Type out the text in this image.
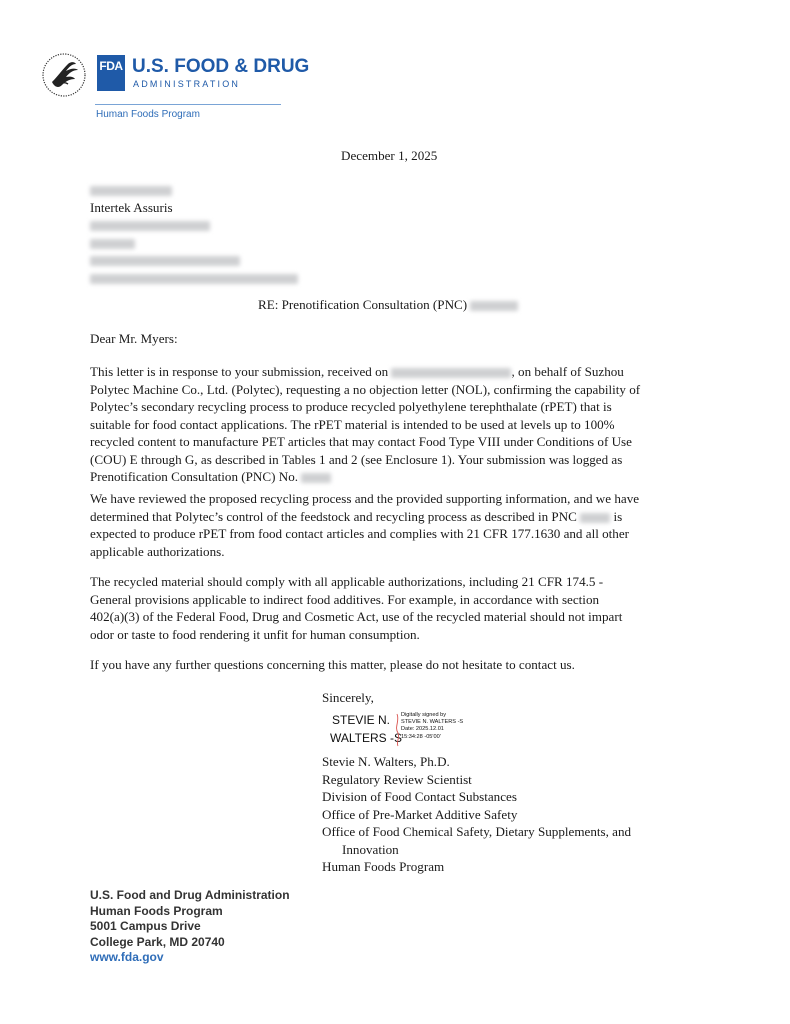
FDA U.S. FOOD & DRUG
ADMINISTRATION
Human Foods Program
December 1, 2025
Intertek Assuris
RE: Prenotification Consultation (PNC)
Dear Mr. Myers:
This letter is in response to your submission, received on	, on behalf of Suzhou
Polytec Machine Co., Ltd. (Polytec), requesting a no objection letter (NOL), confirming the capability of
Polytec’s secondary recycling process to produce recycled polyethylene terephthalate (rPET) that is
suitable for food contact applications. The rPET material is intended to be used at levels up to 100%
recycled content to manufacture PET articles that may contact Food Type VIII under Conditions of Use
(COU) E through G, as described in Tables 1 and 2 (see Enclosure 1). Your submission was logged as
Prenotification Consultation (PNC) No.
We have reviewed the proposed recycling process and the provided supporting information, and we have
determined that Polytec’s control of the feedstock and recycling process as described in PNC	is
expected to produce rPET from food contact articles and complies with 21 CFR 177.1630 and all other
applicable authorizations.
The recycled material should comply with all applicable authorizations, including 21 CFR 174.5 -
General provisions applicable to indirect food additives. For example, in accordance with section
402(a)(3) of the Federal Food, Drug and Cosmetic Act, use of the recycled material should not impart
odor or taste to food rendering it unfit for human consumption.
If you have any further questions concerning this matter, please do not hesitate to contact us.
Sincerely,
STEVIE N.
WALTERS -S
Digitally signed by
STEVIE N. WALTERS -S
Date: 2025.12.01
15:34:28 -05'00'
Stevie N. Walters, Ph.D.
Regulatory Review Scientist
Division of Food Contact Substances
Office of Pre-Market Additive Safety
Office of Food Chemical Safety, Dietary Supplements, and
Innovation
Human Foods Program
U.S. Food and Drug Administration
Human Foods Program
5001 Campus Drive
College Park, MD 20740
www.fda.gov
